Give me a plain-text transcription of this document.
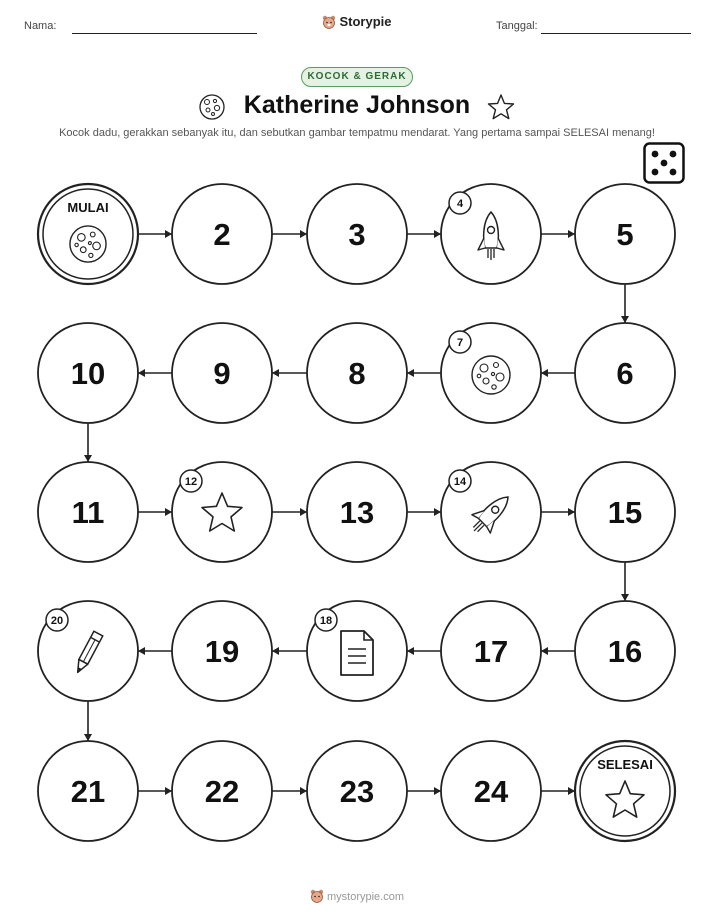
Nama:	Storypie	Tanggal:
KOCOK & GERAK
Katherine Johnson
Kocok dadu, gerakkan sebanyak itu, dan sebutkan gambar tempatmu mendarat. Yang pertama sampai SELESAI menang!
MULAI
2	3
4
5
6
7
8
9
10
11
12
13
14
15
16
17
18
19
20
21	22	23	24
SELESAI
mystorypie.com
